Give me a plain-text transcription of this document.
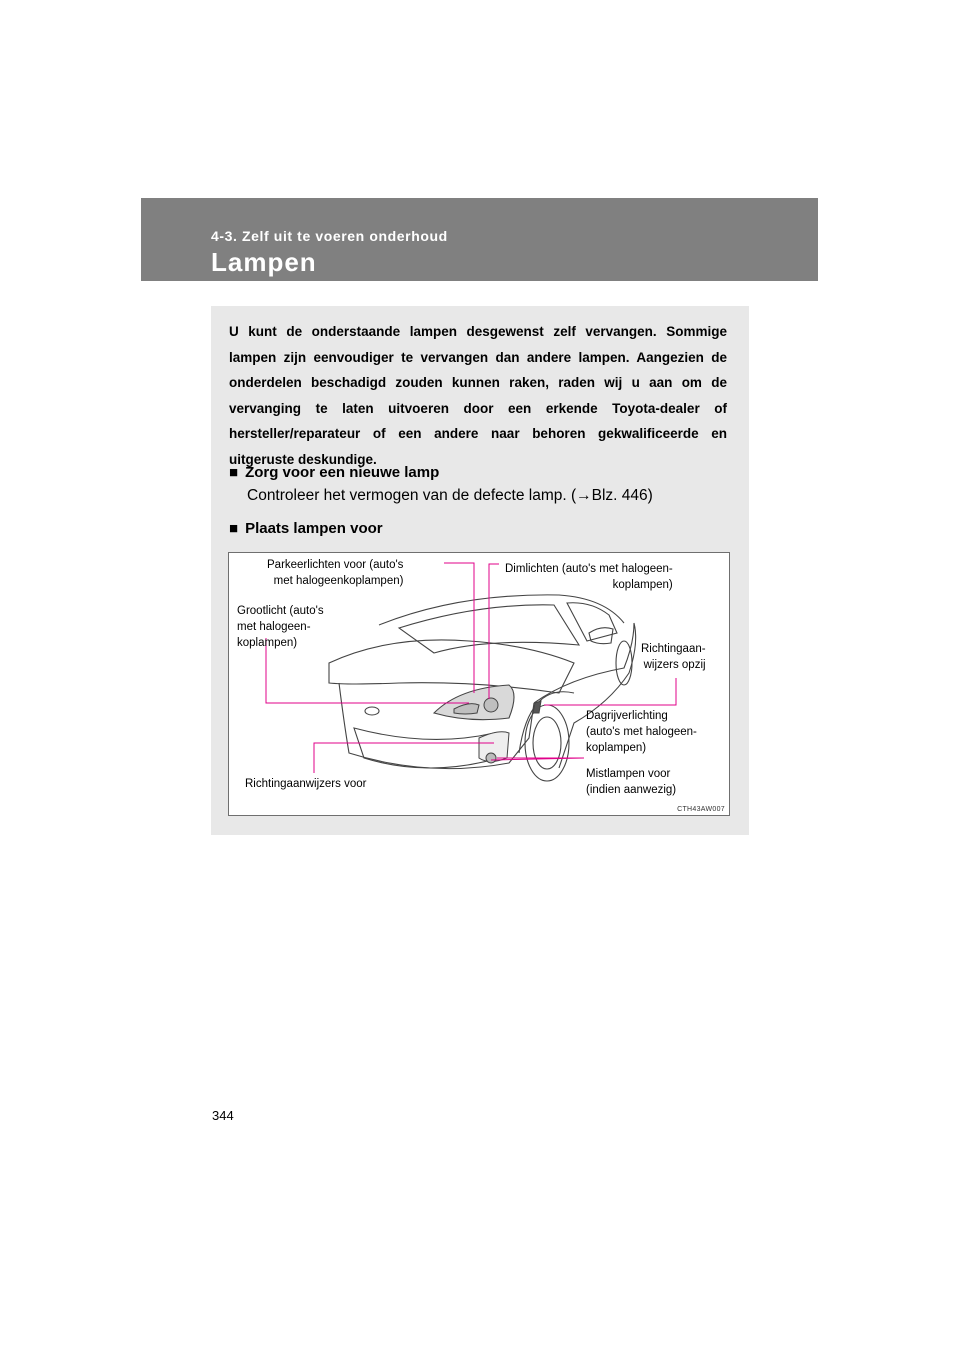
4-3. Zelf uit te voeren onderhoud
Lampen

U kunt de onderstaande lampen desgewenst zelf vervangen. Sommige lampen zijn eenvoudiger te vervangen dan andere lampen. Aangezien de onderdelen beschadigd zouden kunnen raken, raden wij u aan om de vervanging te laten uitvoeren door een erkende Toyota-dealer of hersteller/reparateur of een andere naar behoren gekwalificeerde en uitgeruste deskundige.

■ Zorg voor een nieuwe lamp
Controleer het vermogen van de defecte lamp. (→Blz. 446)
■ Plaats lampen voor
Parkeerlichten voor (auto's
met halogeenkoplampen)
Dimlichten (auto's met halogeen-
koplampen)
Grootlicht (auto's
met halogeen-
koplampen)	Richtingaan-
wijzers opzij
Dagrijverlichting
(auto's met halogeen-
koplampen)
Mistlampen voor
(indien aanwezig)
Richtingaanwijzers voor
CTH43AW007
344
